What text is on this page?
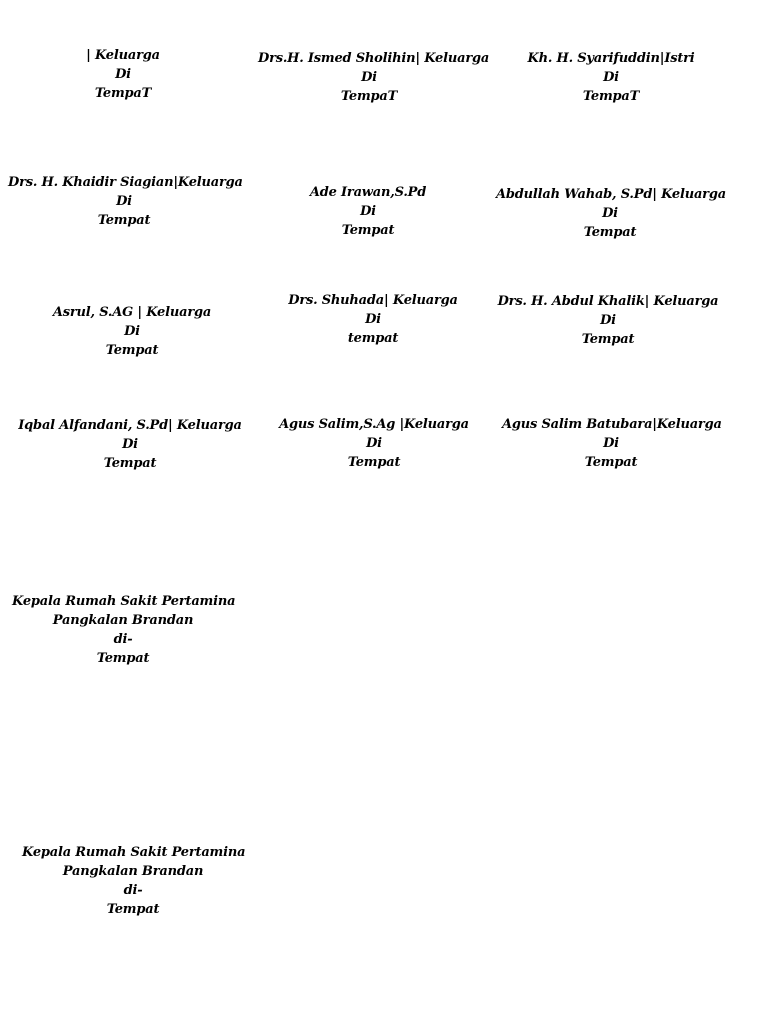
| Keluarga
Di
TempaT
Drs.H. Ismed Sholihin| Keluarga
Di
TempaT
Kh. H. Syarifuddin|Istri
Di
TempaT
Drs. H. Khaidir Siagian|Keluarga
Di
Tempat
Ade Irawan,S.Pd
Di
Tempat
Abdullah Wahab, S.Pd| Keluarga
Di
Tempat
Asrul, S.AG | Keluarga
Di
Tempat
Drs. Shuhada| Keluarga
Di
tempat
Drs. H. Abdul Khalik| Keluarga
Di
Tempat
Iqbal Alfandani, S.Pd| Keluarga
Di
Tempat
Agus Salim,S.Ag |Keluarga
Di
Tempat
Agus Salim Batubara|Keluarga
Di
Tempat
Kepala Rumah Sakit Pertamina
Pangkalan Brandan
di-
Tempat
Kepala Rumah Sakit Pertamina
Pangkalan Brandan
di-
Tempat
